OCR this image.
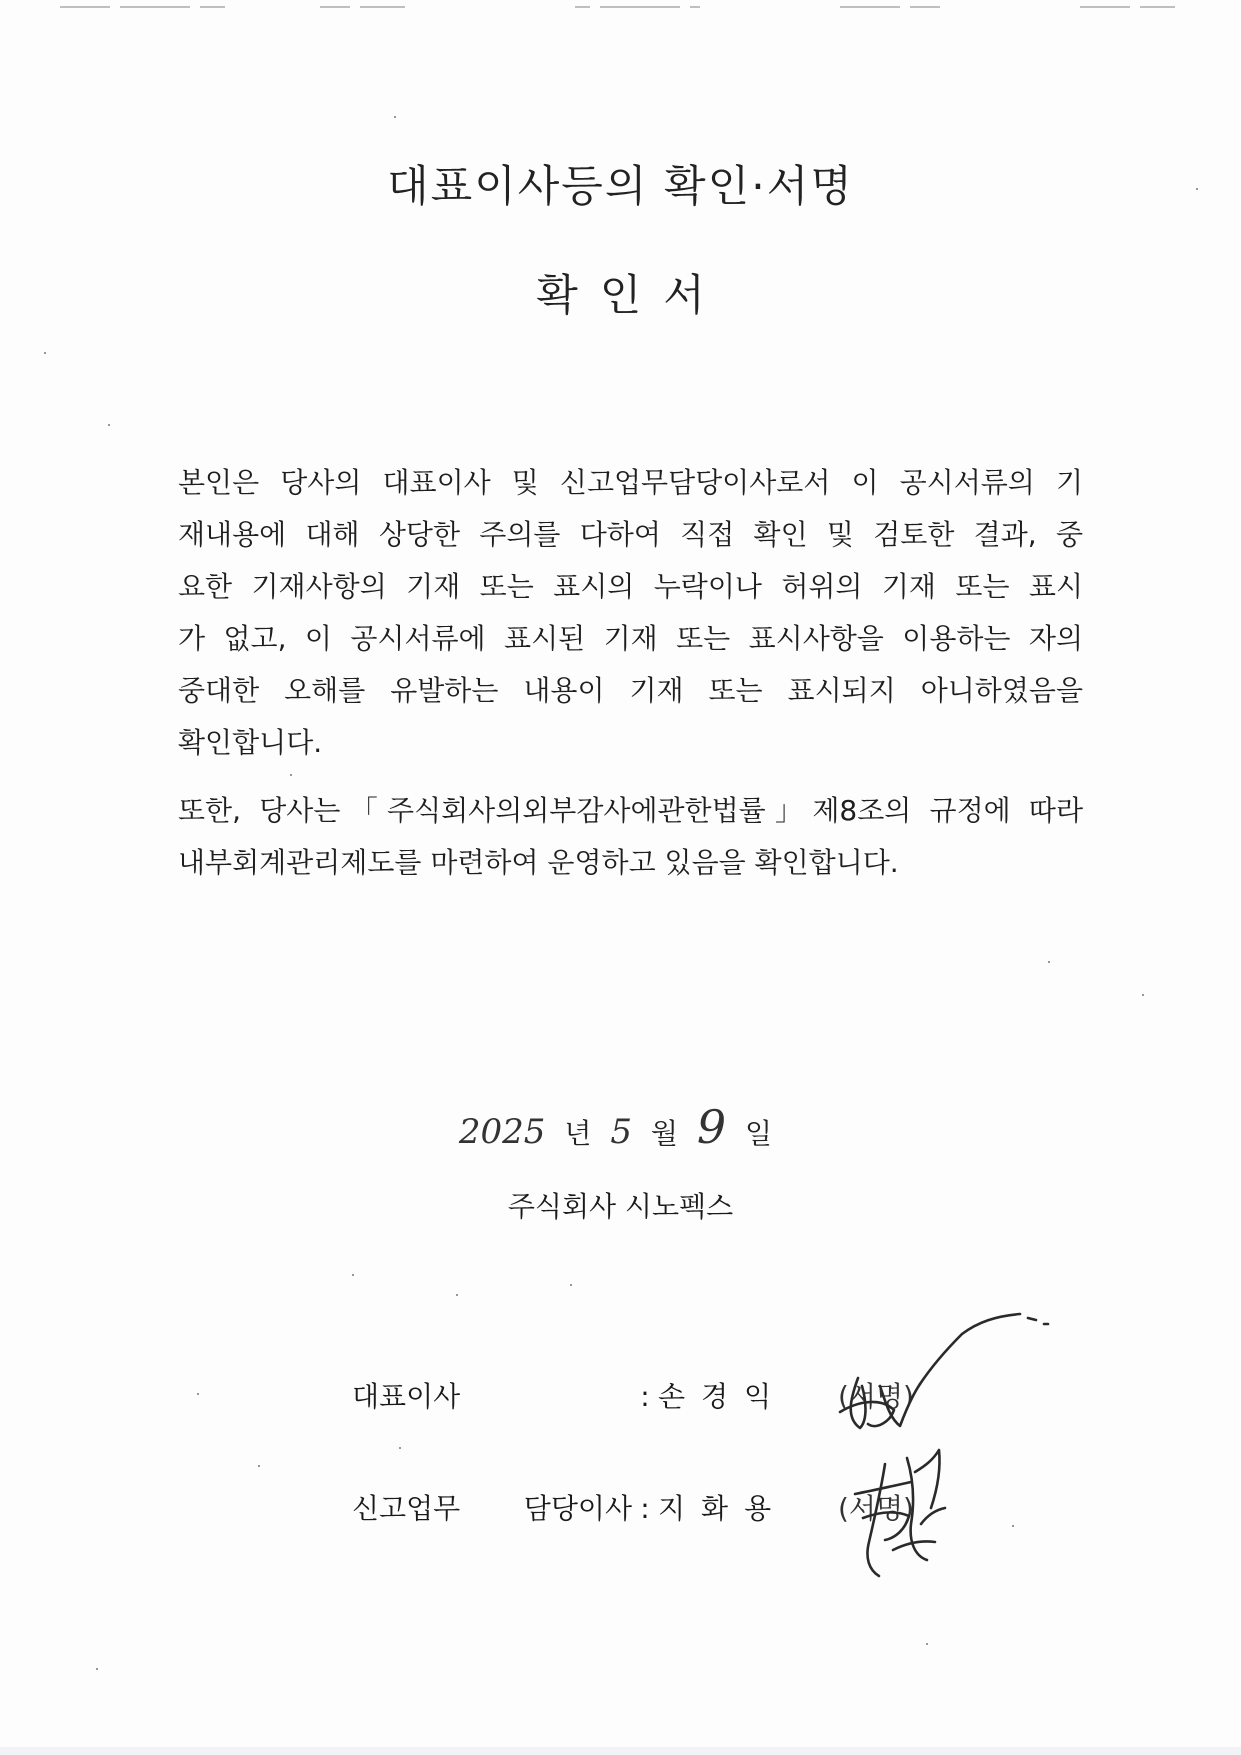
대표이사등의 확인·서명
확인서
본인은 당사의 대표이사 및 신고업무담당이사로서 이 공시서류의 기
재내용에 대해 상당한 주의를 다하여 직접 확인 및 검토한 결과, 중
요한 기재사항의 기재 또는 표시의 누락이나 허위의 기재 또는 표시
가 없고, 이 공시서류에 표시된 기재 또는 표시사항을 이용하는 자의
중대한 오해를 유발하는 내용이 기재 또는 표시되지 아니하였음을
확인합니다.
또한, 당사는「주식회사의외부감사에관한법률」제8조의 규정에 따라
내부회계관리제도를 마련하여 운영하고 있음을 확인합니다.
2025 년 5 월 9 일
주식회사 시노펙스
대표이사	: 손경익 (서명)
신고업무 담당이사 : 지화용 (서명)
